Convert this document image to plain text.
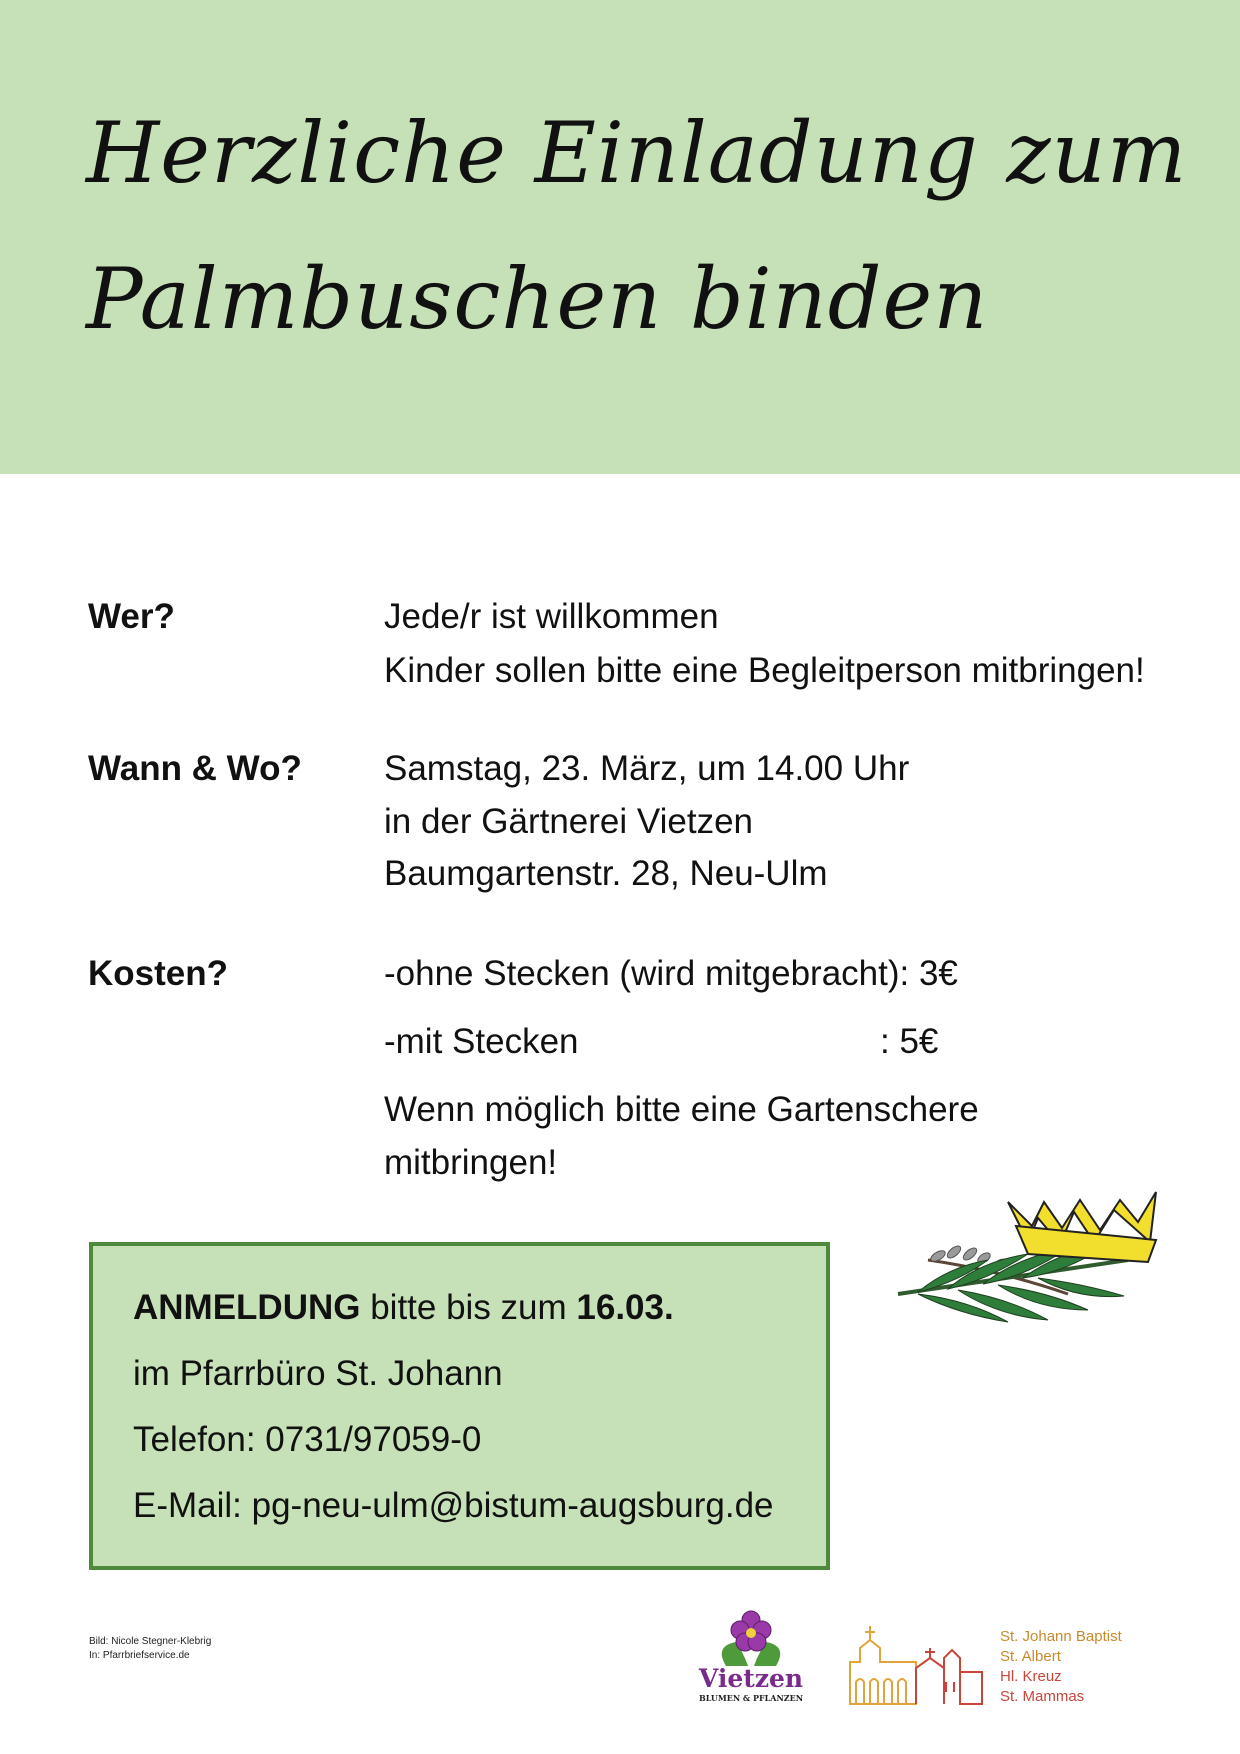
Herzliche Einladung zum
Palmbuschen binden
Wer?	Jede/r ist willkommen
Kinder sollen bitte eine Begleitperson mitbringen!
Wann & Wo? Samstag, 23. März, um 14.00 Uhr
in der Gärtnerei Vietzen
Baumgartenstr. 28, Neu-Ulm
Kosten?	-ohne Stecken (wird mitgebracht): 3€
-mit Stecken	: 5€
Wenn möglich bitte eine Gartenschere
mitbringen!
ANMELDUNG bitte bis zum 16.03.
im Pfarrbüro St. Johann
Telefon: 0731/97059-0
E-Mail: pg-neu-ulm@bistum-augsburg.de
Bild: Nicole Stegner-Klebrig
In: Pfarrbriefservice.de
Vietzen
BLUMEN & PFLANZEN
St. Johann Baptist
St. Albert
Hl. Kreuz
St. Mammas
